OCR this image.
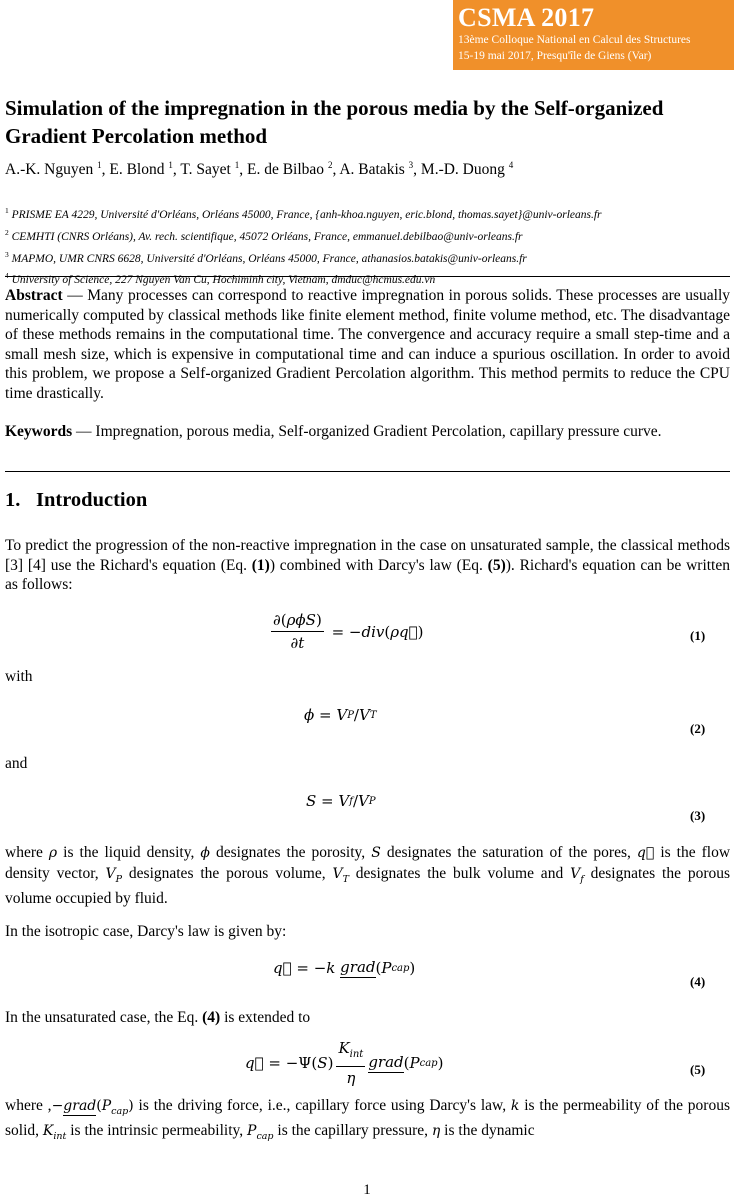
CSMA 2017
13ème Colloque National en Calcul des Structures
15-19 mai 2017, Presqu'île de Giens (Var)
Simulation of the impregnation in the porous media by the Self-organized Gradient Percolation method
A.-K. Nguyen $^1$, E. Blond $^1$, T. Sayet $^1$, E. de Bilbao $^2$, A. Batakis $^3$, M.-D. Duong $^4$
$^1$ PRISME EA 4229, Université d'Orléans, Orléans 45000, France, {anh-khoa.nguyen, eric.blond, thomas.sayet}@univ-orleans.fr
$^2$ CEMHTI (CNRS Orléans), Av. rech. scientifique, 45072 Orléans, France, emmanuel.debilbao@univ-orleans.fr
$^3$ MAPMO, UMR CNRS 6628, Université d'Orléans, Orléans 45000, France, athanasios.batakis@univ-orleans.fr
$^4$ University of Science, 227 Nguyen Van Cu, Hochiminh city, Vietnam, dmduc@hcmus.edu.vn
Abstract — Many processes can correspond to reactive impregnation in porous solids. These processes are usually numerically computed by classical methods like finite element method, finite volume method, etc. The disadvantage of these methods remains in the computational time. The convergence and accuracy require a small step-time and a small mesh size, which is expensive in computational time and can induce a spurious oscillation. In order to avoid this problem, we propose a Self-organized Gradient Percolation algorithm. This method permits to reduce the CPU time drastically.
Keywords — Impregnation, porous media, Self-organized Gradient Percolation, capillary pressure curve.
1. Introduction
To predict the progression of the non-reactive impregnation in the case on unsaturated sample, the classical methods [3] [4] use the Richard's equation (Eq. (1)) combined with Darcy's law (Eq. (5)). Richard's equation can be written as follows:
$\frac{\text{∂(ρϕS)}}{\partial t}$ = − div ( ρq⃗ )	(1)
with
ϕ = V P / V T
(2)
and
S = V f / V P
(3)
where ρ is the liquid density, ϕ designates the porosity, S designates the saturation of the pores, q⃗ is the flow density vector, $V_P$ designates the porous volume, $V_T$ designates the bulk volume and $V_f$ designates the porous volume occupied by fluid.
In the isotropic case, Darcy's law is given by:
q⃗ = − k
grad ( P cap )
(4)
In the unsaturated case, the Eq. (4) is extended to
q⃗ = −Ψ( S ) $\frac{K_{int}}{\eta}$ grad ( P cap )	(5)
where $,-grad(P_{cap})$ is the driving force, i.e., capillary force using Darcy's law, k is the permeability of the porous solid, $K_{int}$ is the intrinsic permeability, $P_{cap}$ is the capillary pressure, η is the dynamic
1
